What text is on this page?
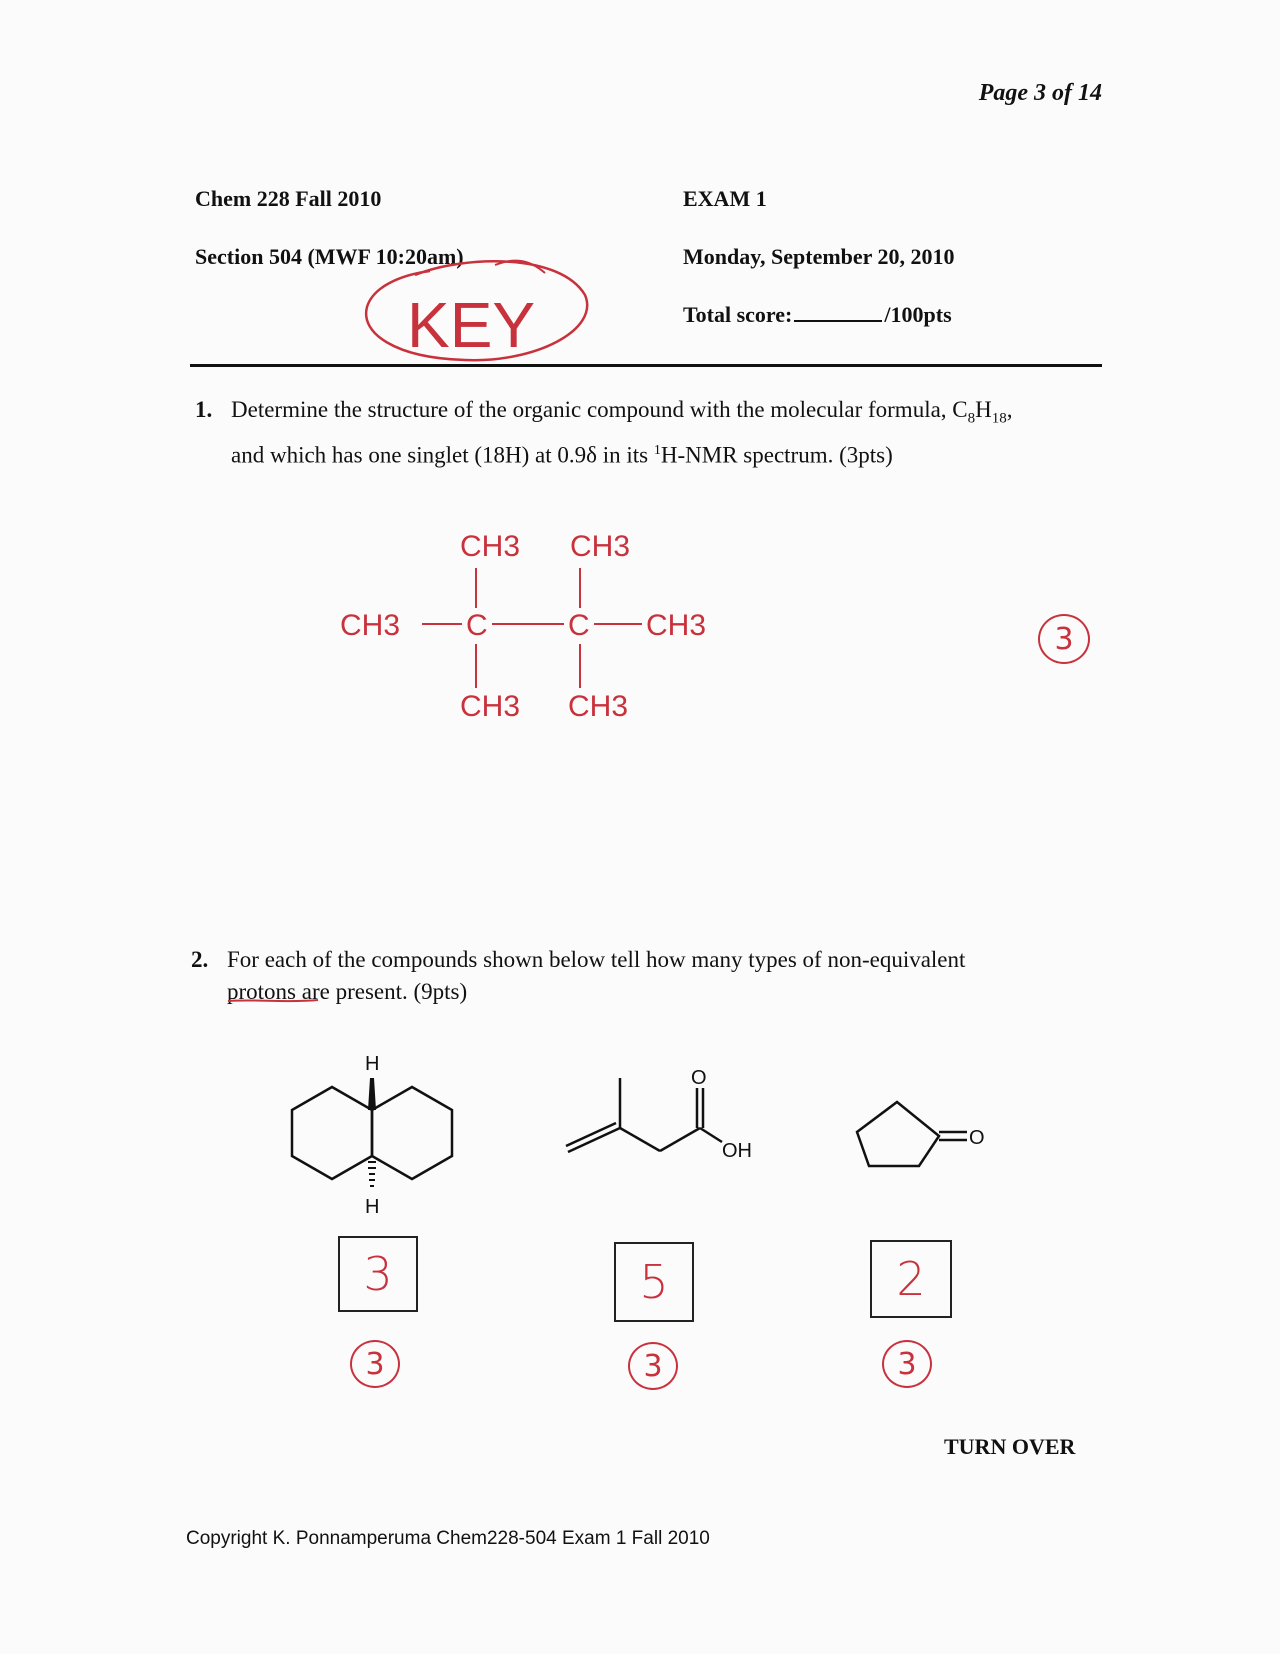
Page 3 of 14
Chem 228 Fall 2010
Section 504 (MWF 10:20am)
EXAM 1
Monday, September 20, 2010
Total score:	/100pts
KEY
1. Determine the structure of the organic compound with the molecular formula, $C_8H_{18}$,
and which has one singlet (18H) at 0.9δ in its $^1$H-NMR spectrum. (3pts)
CH3 CH3
CH3 C	C CH3
CH3 CH3
3
2. For each of the compounds shown below tell how many types of non-equivalent
protons are present. (9pts)
H
H
O
OH
O
3	5	2
3	3	3
TURN OVER
Copyright K. Ponnamperuma Chem228-504 Exam 1 Fall 2010
